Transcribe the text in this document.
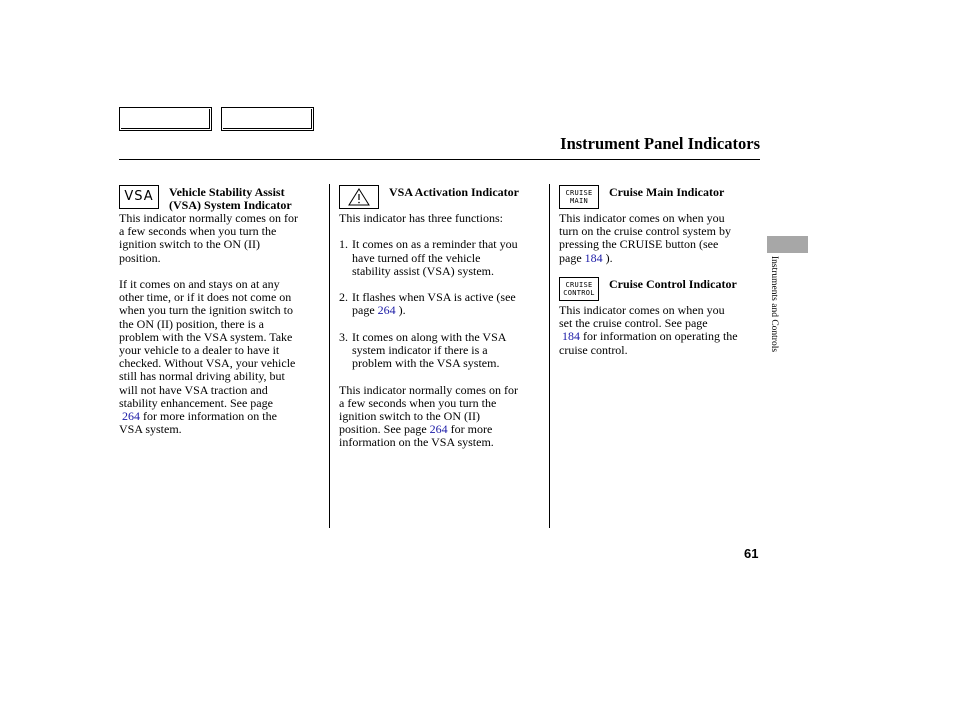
Instrument Panel Indicators
VSA	Vehicle Stability Assist
(VSA) System Indicator
This indicator normally comes on for
a few seconds when you turn the
ignition switch to the ON (II)
position.
If it comes on and stays on at any
other time, or if it does not come on
when you turn the ignition switch to
the ON (II) position, there is a
problem with the VSA system. Take
your vehicle to a dealer to have it
checked. Without VSA, your vehicle
still has normal driving ability, but
will not have VSA traction and
stability enhancement. See page
264 for more information on the
VSA system.
VSA Activation Indicator
This indicator has three functions:
1. It comes on as a reminder that you
have turned off the vehicle
stability assist (VSA) system.
2. It flashes when VSA is active (see
page 264 ).
3. It comes on along with the VSA
system indicator if there is a
problem with the VSA system.
This indicator normally comes on for
a few seconds when you turn the
ignition switch to the ON (II)
position. See page 264 for more
information on the VSA system.
CRUISE
MAIN
Cruise Main Indicator
This indicator comes on when you
turn on the cruise control system by
pressing the CRUISE button (see
page 184 ).
CRUISE
CONTROL
Cruise Control Indicator
This indicator comes on when you
set the cruise control. See page
184 for information on operating the
cruise control.	Instruments and Controls
61
